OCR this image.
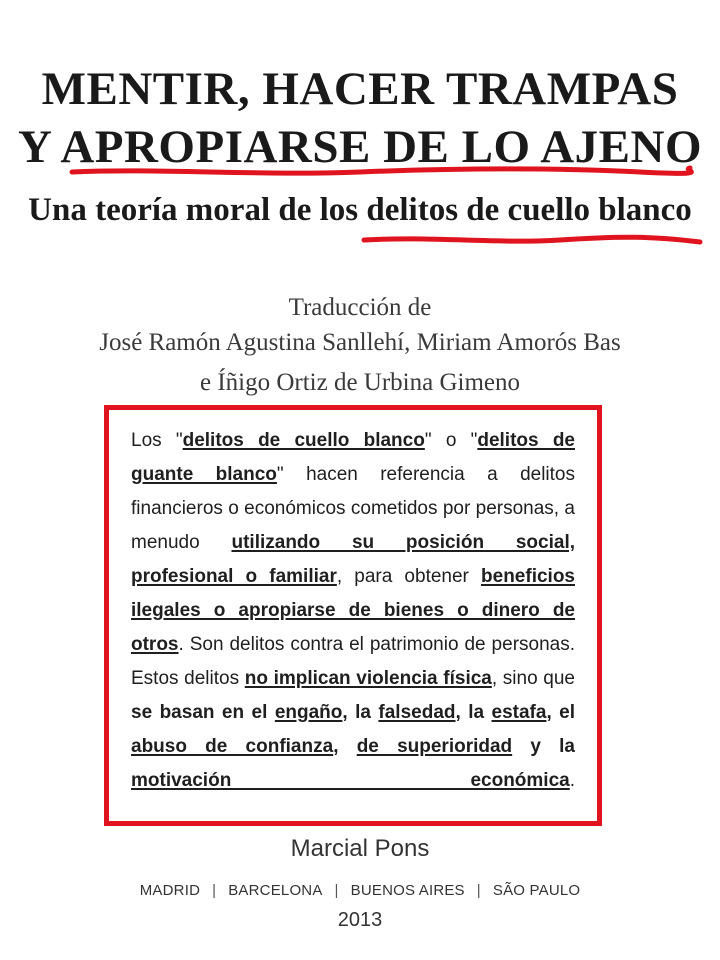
MENTIR, HACER TRAMPAS
Y APROPIARSE DE LO AJENO
Una teoría moral de los delitos de cuello blanco
Traducción de
José Ramón Agustina Sanllehí, Miriam Amorós Bas
e Íñigo Ortiz de Urbina Gimeno
Los "delitos de cuello blanco" o "delitos de guante blanco" hacen referencia a delitos financieros o económicos cometidos por personas, a menudo utilizando su posición social, profesional o familiar, para obtener beneficios ilegales o apropiarse de bienes o dinero de otros. Son delitos contra el patrimonio de personas. Estos delitos no implican violencia física, sino que se basan en el engaño, la falsedad, la estafa, el abuso de confianza, de superioridad y la motivación económica.
Marcial Pons
MADRID | BARCELONA | BUENOS AIRES | SÃO PAULO
2013
